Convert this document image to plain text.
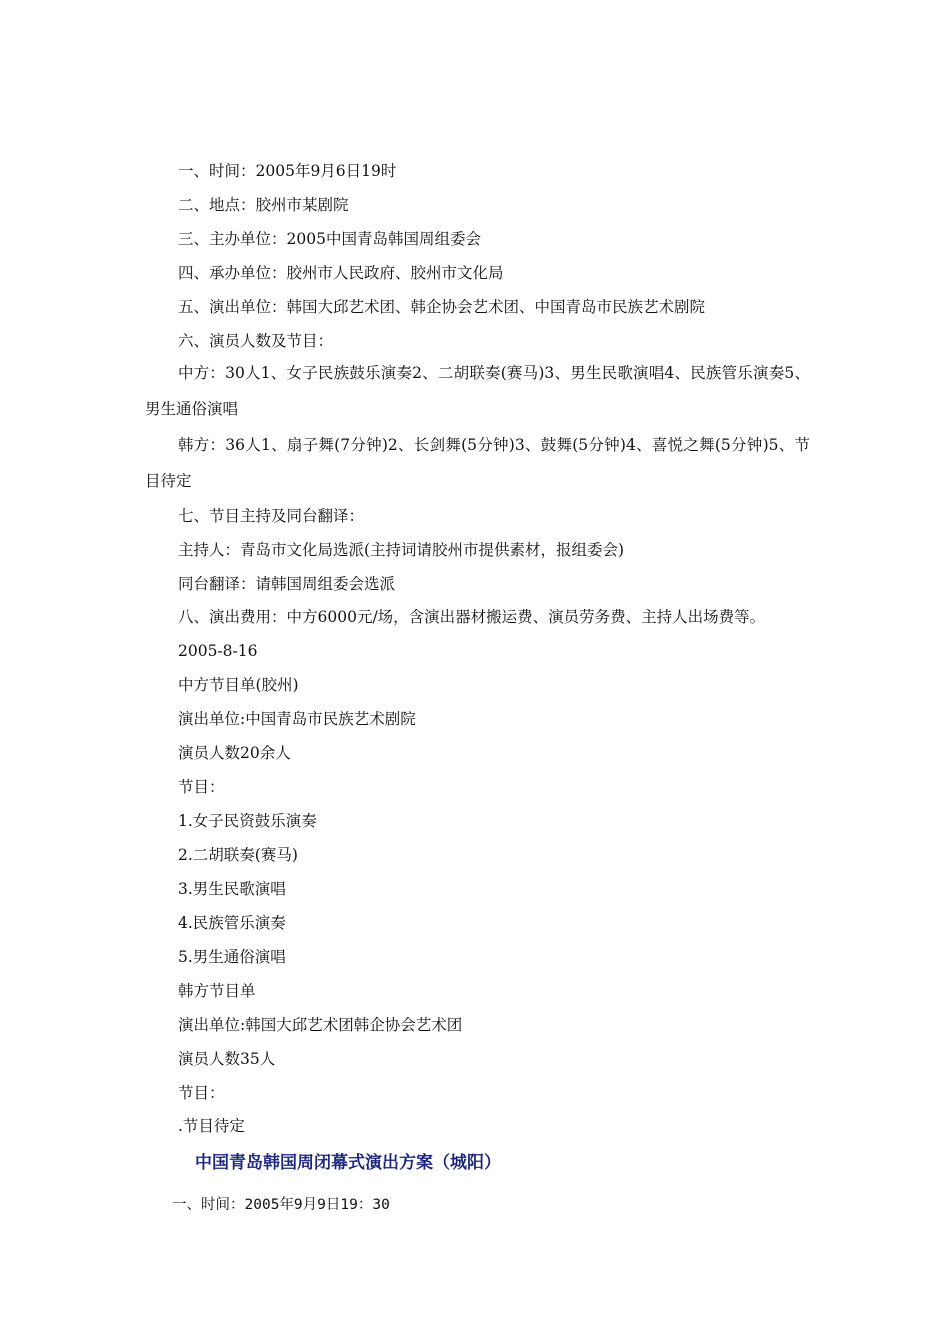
一、时间：2005年9月6日19时
二、地点：胶州市某剧院
三、主办单位：2005中国青岛韩国周组委会
四、承办单位：胶州市人民政府、胶州市文化局
五、演出单位：韩国大邱艺术团、韩企协会艺术团、中国青岛市民族艺术剧院
六、演员人数及节目：
中方：30人1、女子民族鼓乐演奏2、二胡联奏(赛马)3、男生民歌演唱4、民族管乐演奏5、男生通俗演唱
韩方：36人1、扇子舞(7分钟)2、长剑舞(5分钟)3、鼓舞(5分钟)4、喜悦之舞(5分钟)5、节目待定
七、节目主持及同台翻译：
主持人：青岛市文化局选派(主持词请胶州市提供素材，报组委会)
同台翻译：请韩国周组委会选派
八、演出费用：中方6000元/场，含演出器材搬运费、演员劳务费、主持人出场费等。
2005-8-16
中方节目单(胶州)
演出单位:中国青岛市民族艺术剧院
演员人数20余人
节目：
1.女子民资鼓乐演奏
2.二胡联奏(赛马)
3.男生民歌演唱
4.民族管乐演奏
5.男生通俗演唱
韩方节目单
演出单位:韩国大邱艺术团韩企协会艺术团
演员人数35人
节目：
.节目待定
中国青岛韩国周闭幕式演出方案（城阳）
一、时间：2005年9月9日19：30
